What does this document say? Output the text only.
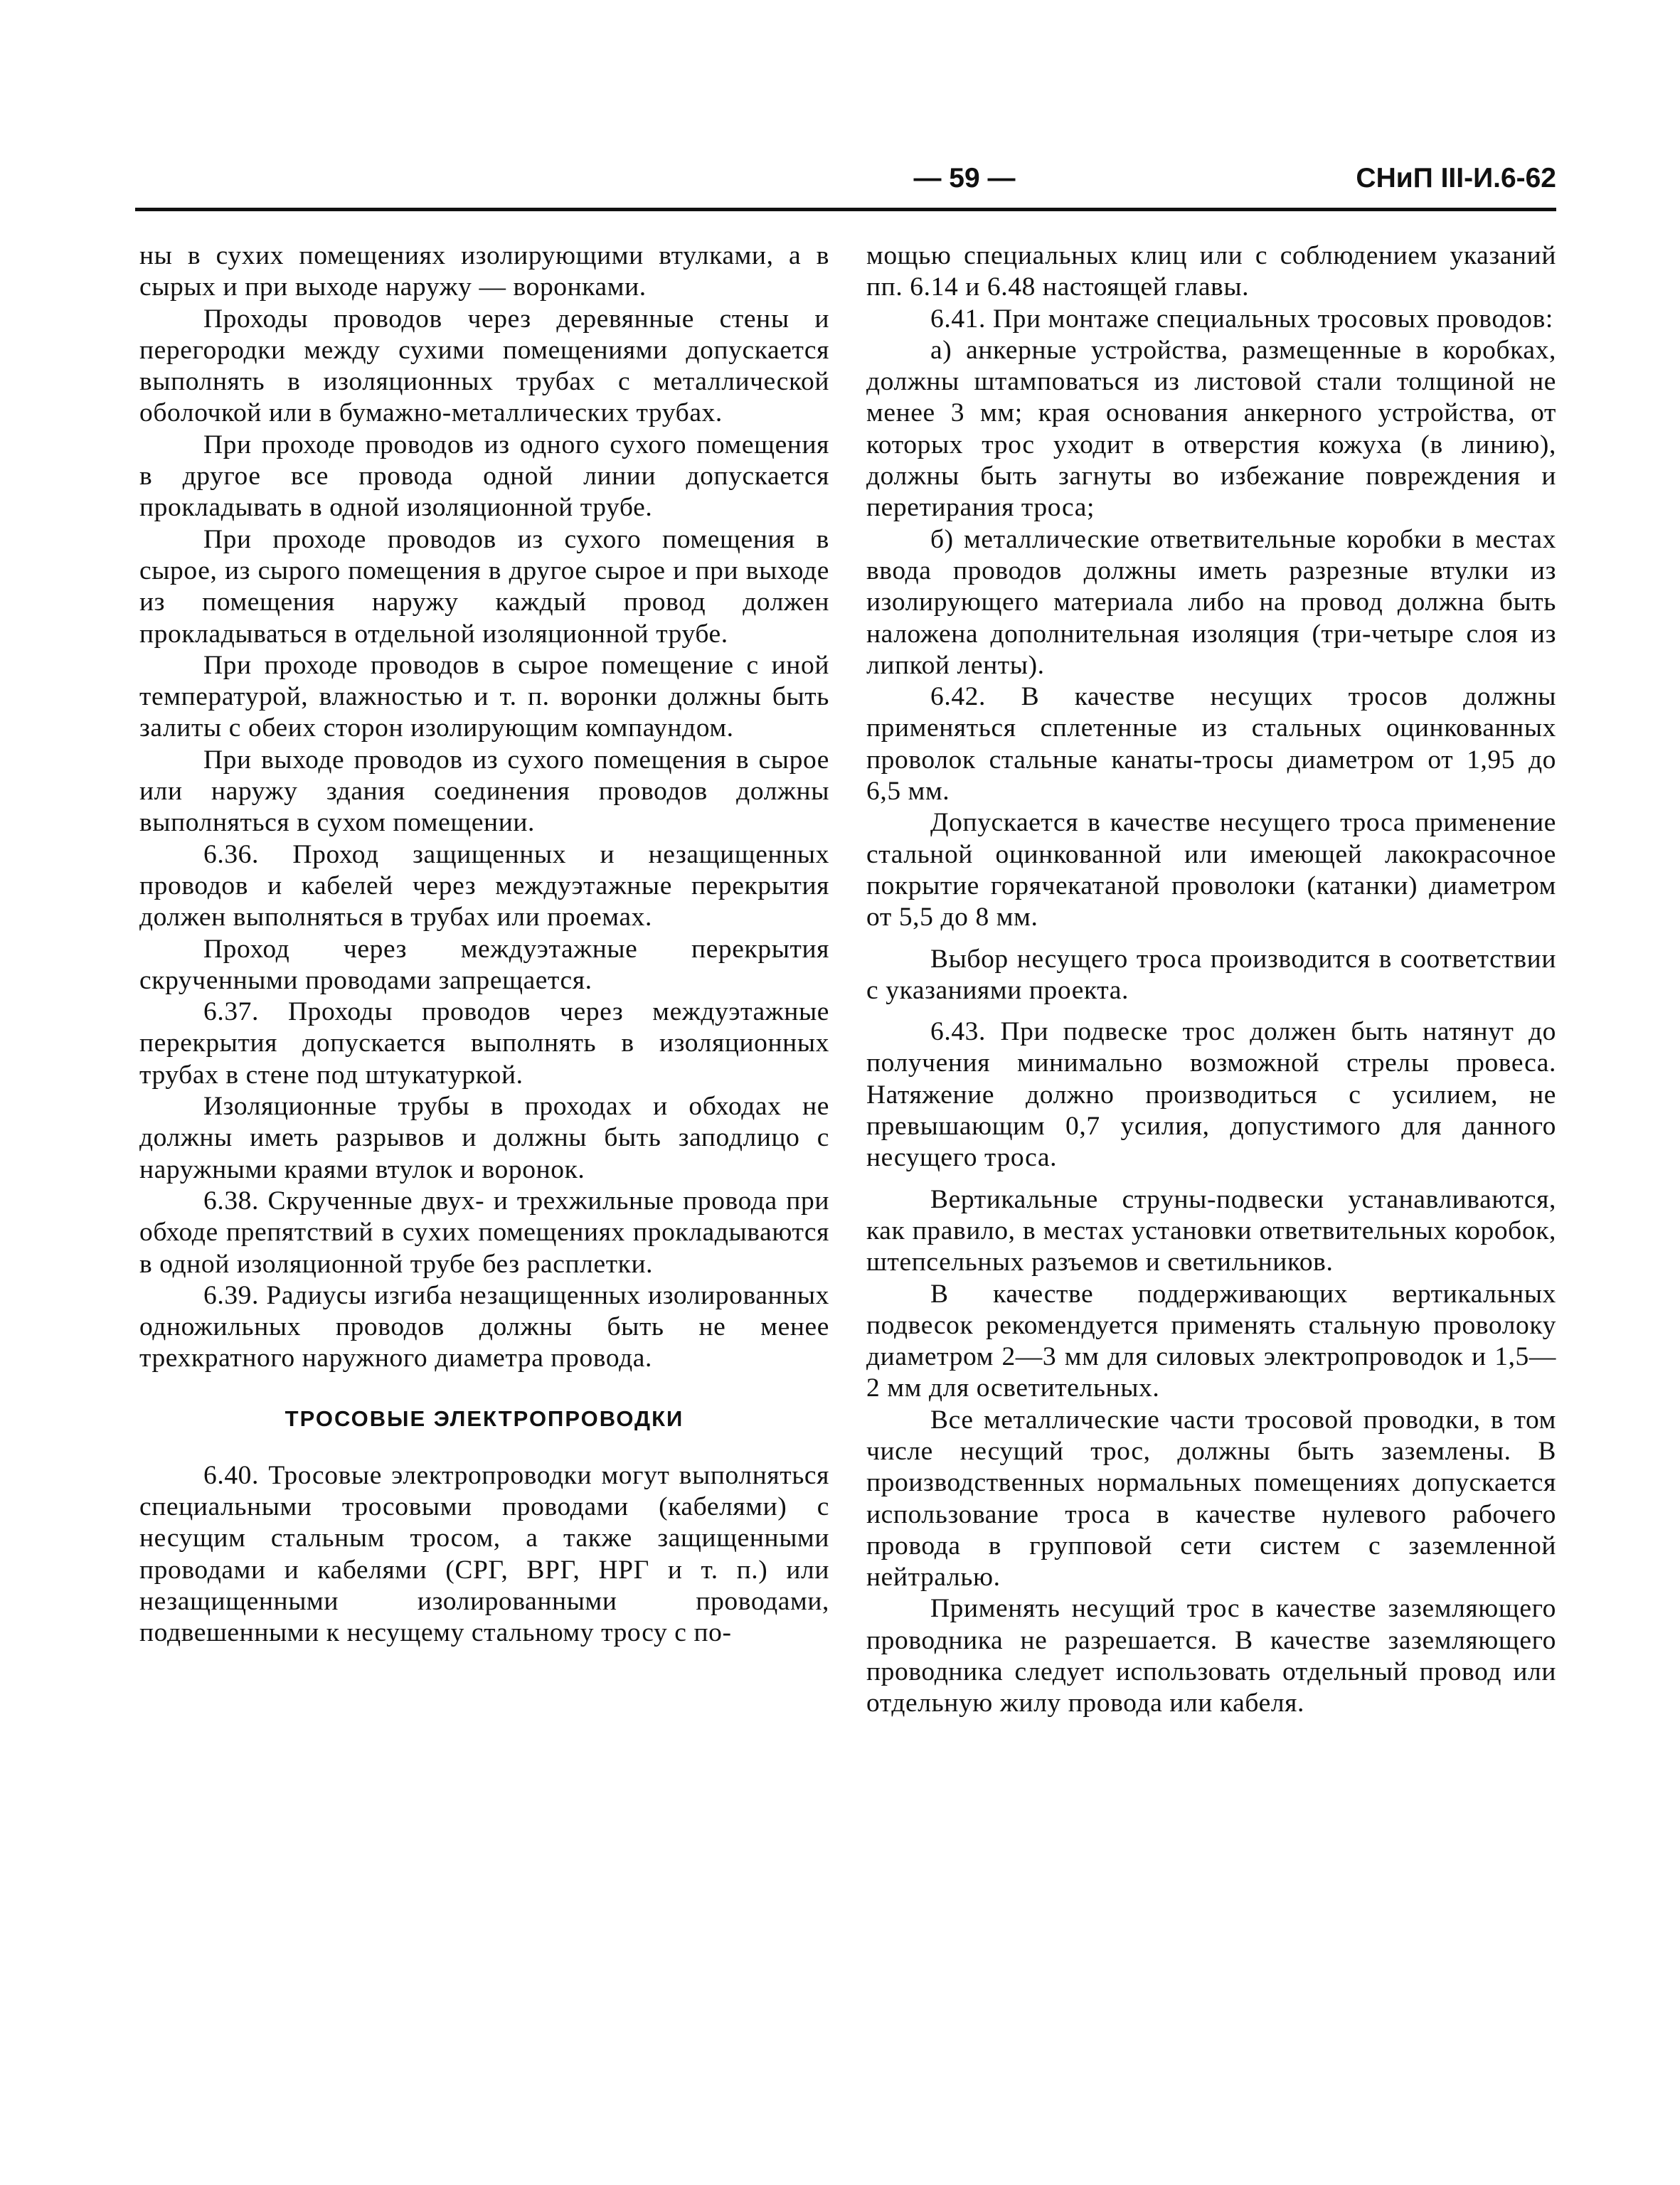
— 59 —	СНиП III-И.6-62

ны в сухих помещениях изолирующими втулками, а в сырых и при выходе наружу — воронками.

Проходы проводов через деревянные стены и перегородки между сухими помещениями допускается выполнять в изоляционных трубах с металлической оболочкой или в бумажно-металлических трубах.

При проходе проводов из одного сухого помещения в другое все провода одной линии допускается прокладывать в одной изоляционной трубе.

При проходе проводов из сухого помещения в сырое, из сырого помещения в другое сырое и при выходе из помещения наружу каждый провод должен прокладываться в отдельной изоляционной трубе.

При проходе проводов в сырое помещение с иной температурой, влажностью и т. п. воронки должны быть залиты с обеих сторон изолирующим компаундом.

При выходе проводов из сухого помещения в сырое или наружу здания соединения проводов должны выполняться в сухом помещении.

6.36. Проход защищенных и незащищенных проводов и кабелей через междуэтажные перекрытия должен выполняться в трубах или проемах.

Проход через междуэтажные перекрытия скрученными проводами запрещается.

6.37. Проходы проводов через междуэтажные перекрытия допускается выполнять в изоляционных трубах в стене под штукатуркой.

Изоляционные трубы в проходах и обходах не должны иметь разрывов и должны быть заподлицо с наружными краями втулок и воронок.

6.38. Скрученные двух- и трехжильные провода при обходе препятствий в сухих помещениях прокладываются в одной изоляционной трубе без расплетки.

6.39. Радиусы изгиба незащищенных изолированных одножильных проводов должны быть не менее трехкратного наружного диаметра провода.

ТРОСОВЫЕ ЭЛЕКТРОПРОВОДКИ

6.40. Тросовые электропроводки могут выполняться специальными тросовыми проводами (кабелями) с несущим стальным тросом, а также защищенными проводами и кабелями (СРГ, ВРГ, НРГ и т. п.) или незащищенными изолированными проводами, подвешенными к несущему стальному тросу с по-

мощью специальных клиц или с соблюдением указаний пп. 6.14 и 6.48 настоящей главы.

6.41. При монтаже специальных тросовых проводов:

а) анкерные устройства, размещенные в коробках, должны штамповаться из листовой стали толщиной не менее 3 мм; края основания анкерного устройства, от которых трос уходит в отверстия кожуха (в линию), должны быть загнуты во избежание повреждения и перетирания троса;

б) металлические ответвительные коробки в местах ввода проводов должны иметь разрезные втулки из изолирующего материала либо на провод должна быть наложена дополнительная изоляция (три-четыре слоя из липкой ленты).

6.42. В качестве несущих тросов должны применяться сплетенные из стальных оцинкованных проволок стальные канаты-тросы диаметром от 1,95 до 6,5 мм.

Допускается в качестве несущего троса применение стальной оцинкованной или имеющей лакокрасочное покрытие горячекатаной проволоки (катанки) диаметром от 5,5 до 8 мм.

Выбор несущего троса производится в соответствии с указаниями проекта.

6.43. При подвеске трос должен быть натянут до получения минимально возможной стрелы провеса. Натяжение должно производиться с усилием, не превышающим 0,7 усилия, допустимого для данного несущего троса.

Вертикальные струны-подвески устанавливаются, как правило, в местах установки ответвительных коробок, штепсельных разъемов и светильников.

В качестве поддерживающих вертикальных подвесок рекомендуется применять стальную проволоку диаметром 2—3 мм для силовых электропроводок и 1,5—2 мм для осветительных.

Все металлические части тросовой проводки, в том числе несущий трос, должны быть заземлены. В производственных нормальных помещениях допускается использование троса в качестве нулевого рабочего провода в групповой сети систем с заземленной нейтралью.

Применять несущий трос в качестве заземляющего проводника не разрешается. В качестве заземляющего проводника следует использовать отдельный провод или отдельную жилу провода или кабеля.
